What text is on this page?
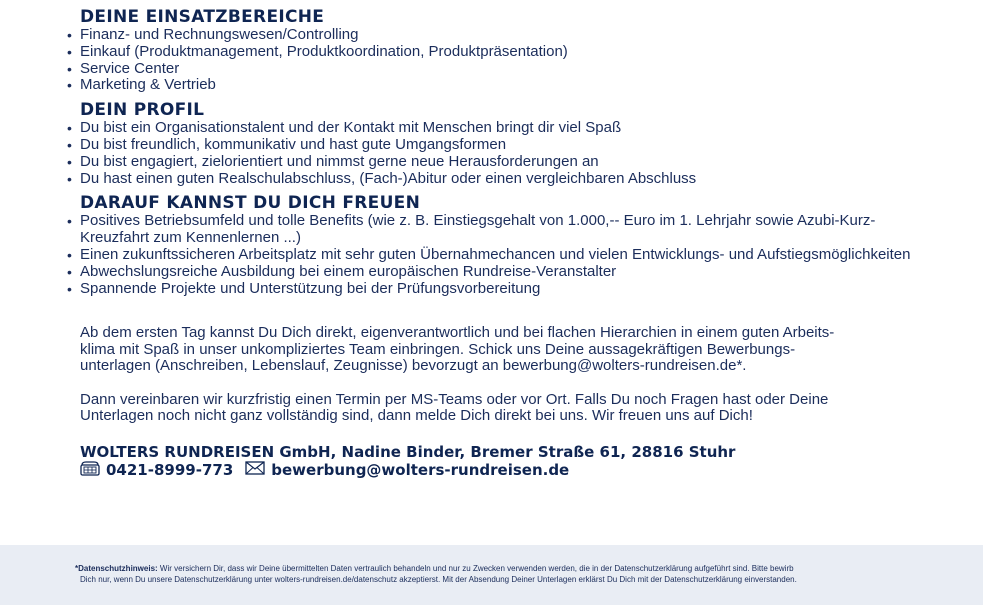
DEINE EINSATZBEREICHE
• Finanz- und Rechnungswesen/Controlling
• Einkauf (Produktmanagement, Produktkoordination, Produktpräsentation)
• Service Center
• Marketing & Vertrieb
DEIN PROFIL
• Du bist ein Organisationstalent und der Kontakt mit Menschen bringt dir viel Spaß
• Du bist freundlich, kommunikativ und hast gute Umgangsformen
• Du bist engagiert, zielorientiert und nimmst gerne neue Herausforderungen an
• Du hast einen guten Realschulabschluss, (Fach-)Abitur oder einen vergleichbaren Abschluss
DARAUF KANNST DU DICH FREUEN
• Positives Betriebsumfeld und tolle Benefits (wie z. B. Einstiegsgehalt von 1.000,-- Euro im 1. Lehrjahr sowie Azubi-Kurz-Kreuzfahrt zum Kennenlernen ...)
• Einen zukunftssicheren Arbeitsplatz mit sehr guten Übernahmechancen und vielen Entwicklungs- und Aufstiegsmöglichkeiten
• Abwechslungsreiche Ausbildung bei einem europäischen Rundreise-Veranstalter
• Spannende Projekte und Unterstützung bei der Prüfungsvorbereitung
Ab dem ersten Tag kannst Du Dich direkt, eigenverantwortlich und bei flachen Hierarchien in einem guten Arbeits-
klima mit Spaß in unser unkompliziertes Team einbringen. Schick uns Deine aussagekräftigen Bewerbungs-
unterlagen (Anschreiben, Lebenslauf, Zeugnisse) bevorzugt an bewerbung@wolters-rundreisen.de*.
Dann vereinbaren wir kurzfristig einen Termin per MS-Teams oder vor Ort. Falls Du noch Fragen hast oder Deine
Unterlagen noch nicht ganz vollständig sind, dann melde Dich direkt bei uns. Wir freuen uns auf Dich!
WOLTERS RUNDREISEN GmbH, Nadine Binder, Bremer Straße 61, 28816 Stuhr
0421-8999-773	bewerbung@wolters-rundreisen.de
*Datenschutzhinweis: Wir versichern Dir, dass wir Deine übermittelten Daten vertraulich behandeln und nur zu Zwecken verwenden werden, die in der Datenschutzerklärung aufgeführt sind. Bitte bewirb
Dich nur, wenn Du unsere Datenschutzerklärung unter wolters-rundreisen.de/datenschutz akzeptierst. Mit der Absendung Deiner Unterlagen erklärst Du Dich mit der Datenschutzerklärung einverstanden.
